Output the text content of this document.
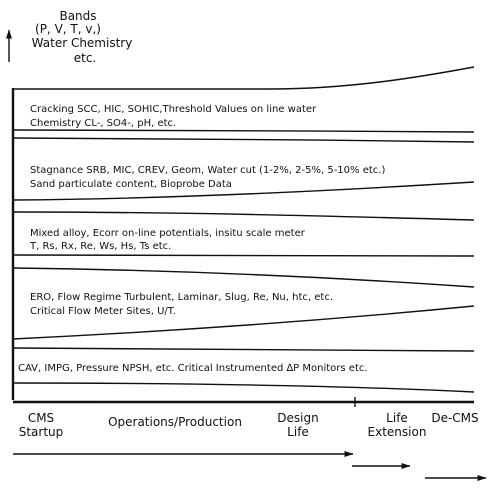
Bands
(P, V, T, v,)
Water Chemistry
etc.
Cracking SCC, HIC, SOHIC,Threshold Values on line water
Chemistry CL-, SO4-, pH, etc.
Stagnance SRB, MIC, CREV, Geom, Water cut (1-2%, 2-5%, 5-10% etc.)
Sand particulate content, Bioprobe Data
Mixed alloy, Ecorr on-line potentials, insitu scale meter
T, Rs, Rx, Re, Ws, Hs, Ts etc.
ERO, Flow Regime Turbulent, Laminar, Slug, Re, Nu, htc, etc.
Critical Flow Meter Sites, U/T.
CAV, IMPG, Pressure NPSH, etc. Critical Instrumented ∆P Monitors etc.
CMS
Startup
Operations/Production	Design
Life
Life
Extension
De-CMS
